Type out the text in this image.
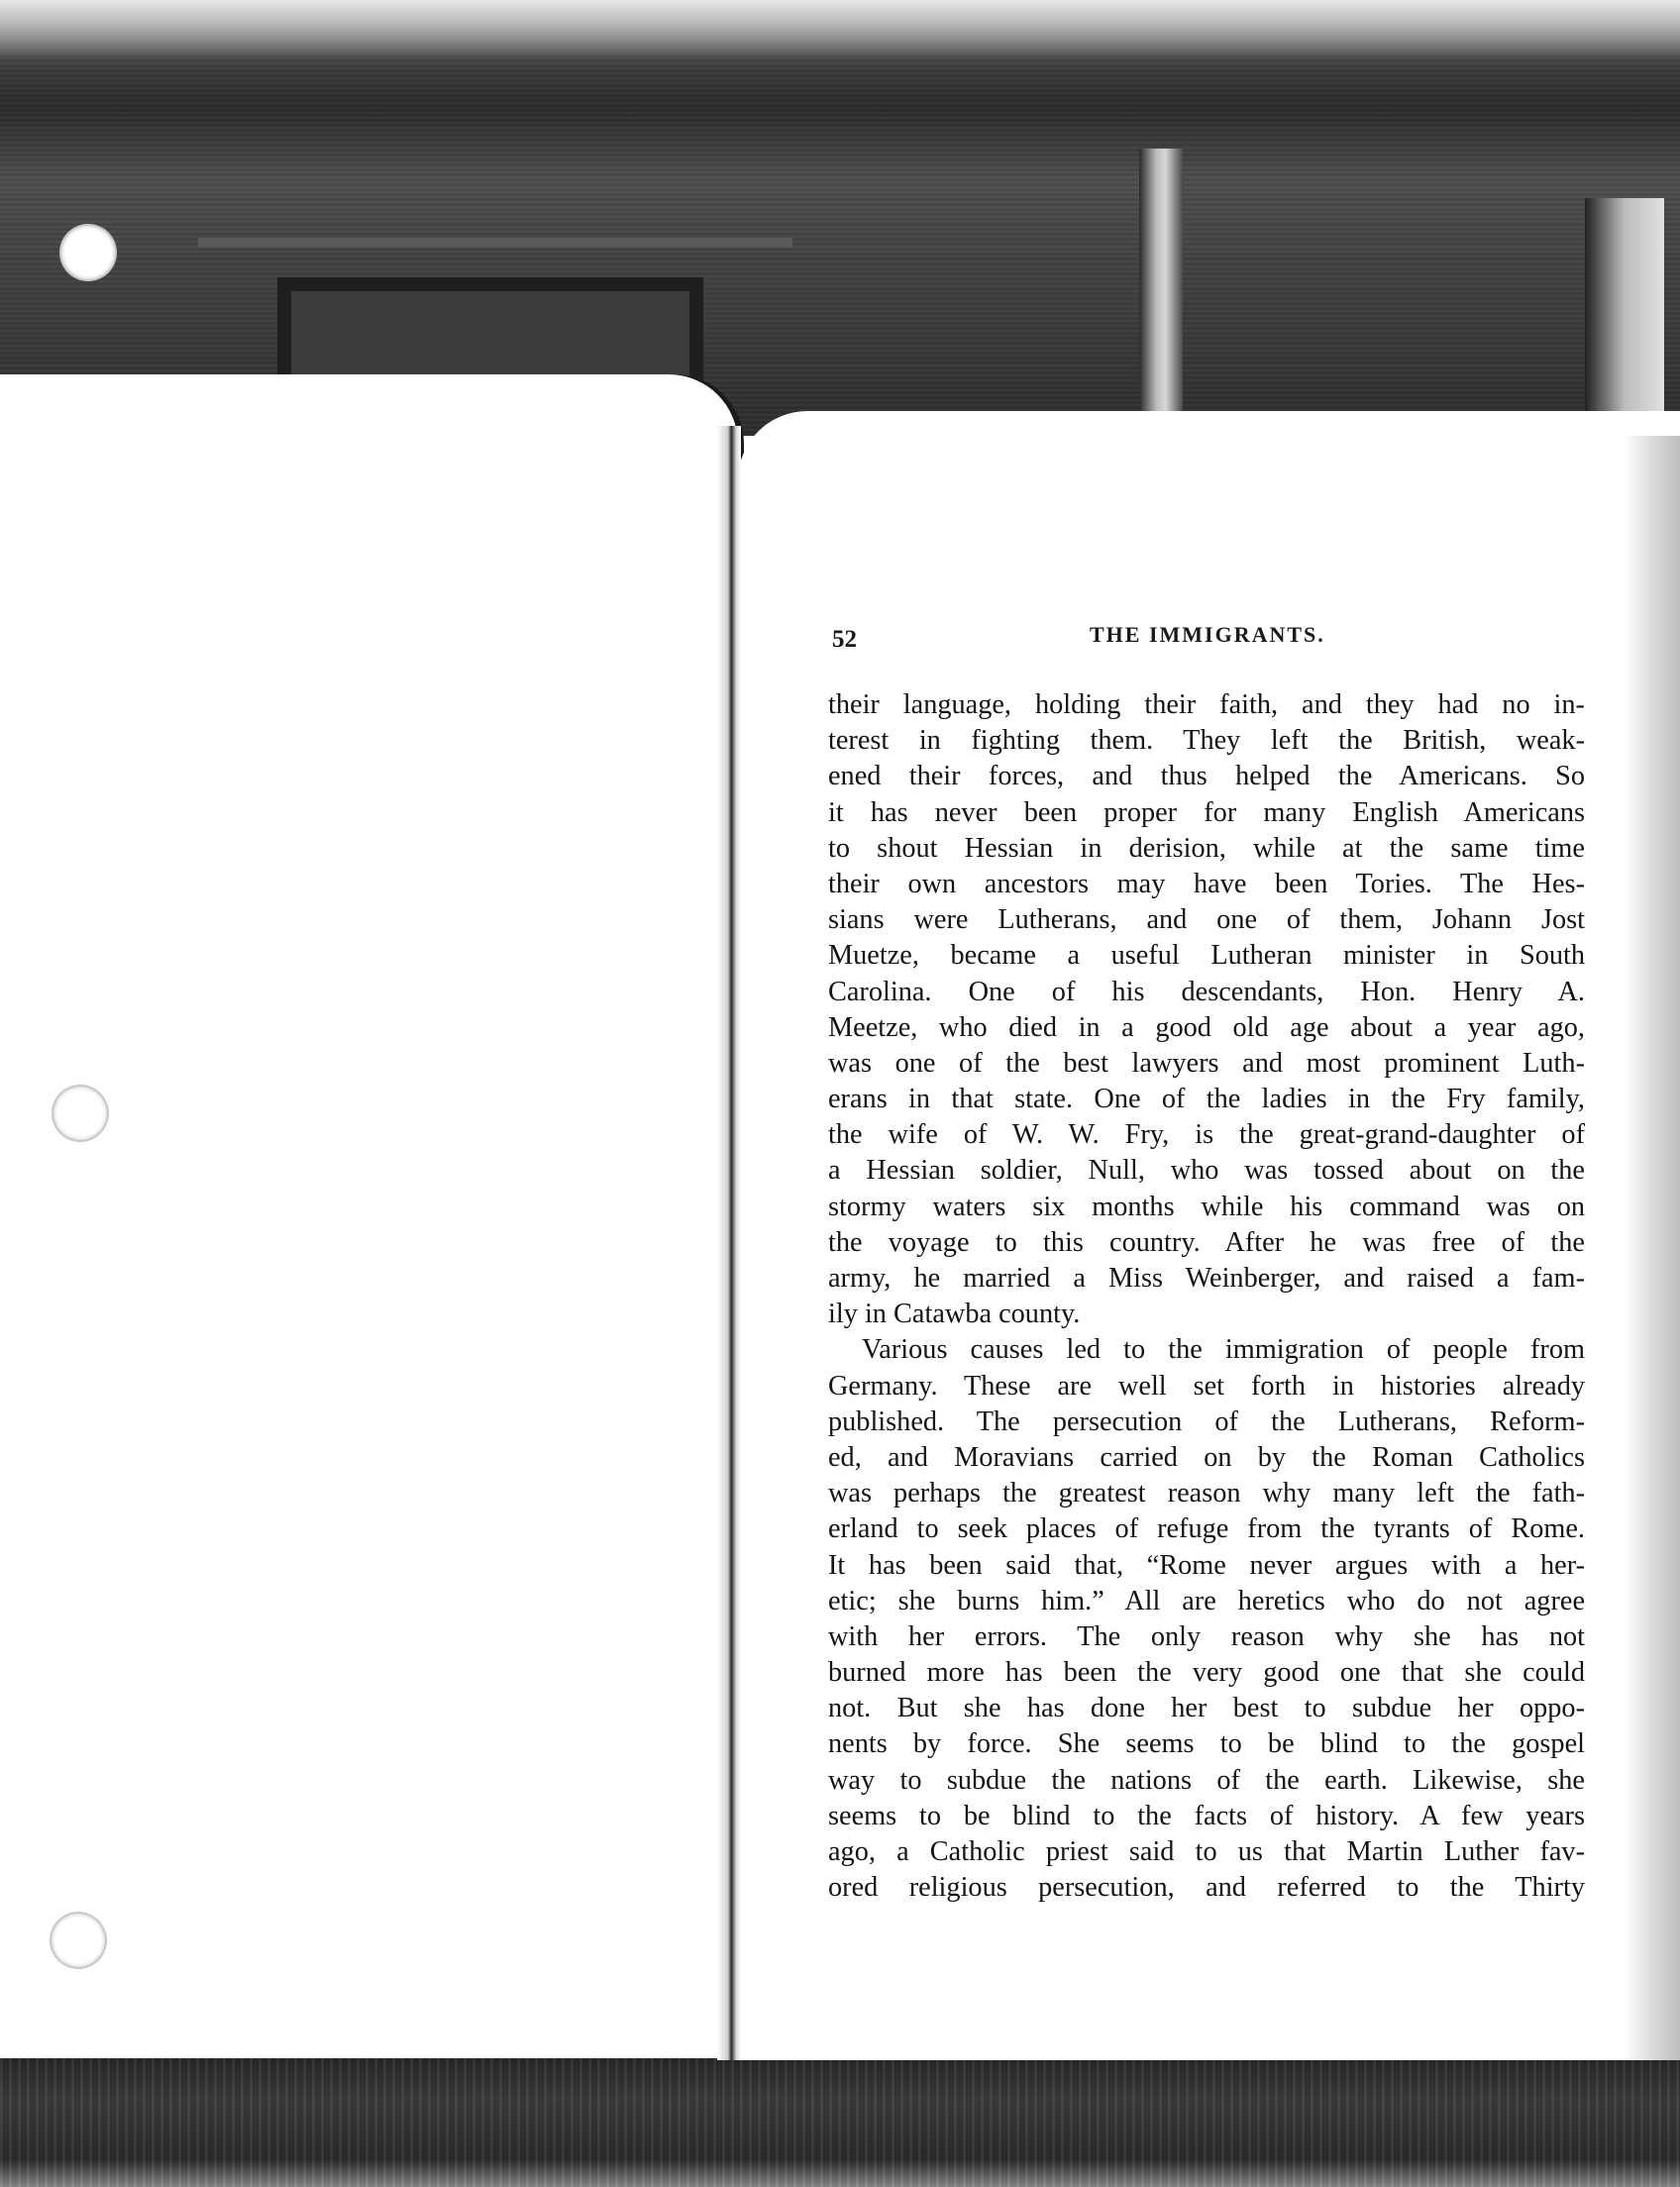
52	THE IMMIGRANTS.
their language, holding their faith, and they had no in-
terest in fighting them. They left the British, weak-
ened their forces, and thus helped the Americans. So
it has never been proper for many English Americans
to shout Hessian in derision, while at the same time
their own ancestors may have been Tories. The Hes-
sians were Lutherans, and one of them, Johann Jost
Muetze, became a useful Lutheran minister in South
Carolina. One of his descendants, Hon. Henry A.
Meetze, who died in a good old age about a year ago,
was one of the best lawyers and most prominent Luth-
erans in that state. One of the ladies in the Fry family,
the wife of W. W. Fry, is the great-grand-daughter of
a Hessian soldier, Null, who was tossed about on the
stormy waters six months while his command was on
the voyage to this country. After he was free of the
army, he married a Miss Weinberger, and raised a fam-
ily in Catawba county.
Various causes led to the immigration of people from
Germany. These are well set forth in histories already
published. The persecution of the Lutherans, Reform-
ed, and Moravians carried on by the Roman Catholics
was perhaps the greatest reason why many left the fath-
erland to seek places of refuge from the tyrants of Rome.
It has been said that, “Rome never argues with a her-
etic; she burns him.” All are heretics who do not agree
with her errors. The only reason why she has not
burned more has been the very good one that she could
not. But she has done her best to subdue her oppo-
nents by force. She seems to be blind to the gospel
way to subdue the nations of the earth. Likewise, she
seems to be blind to the facts of history. A few years
ago, a Catholic priest said to us that Martin Luther fav-
ored religious persecution, and referred to the Thirty
